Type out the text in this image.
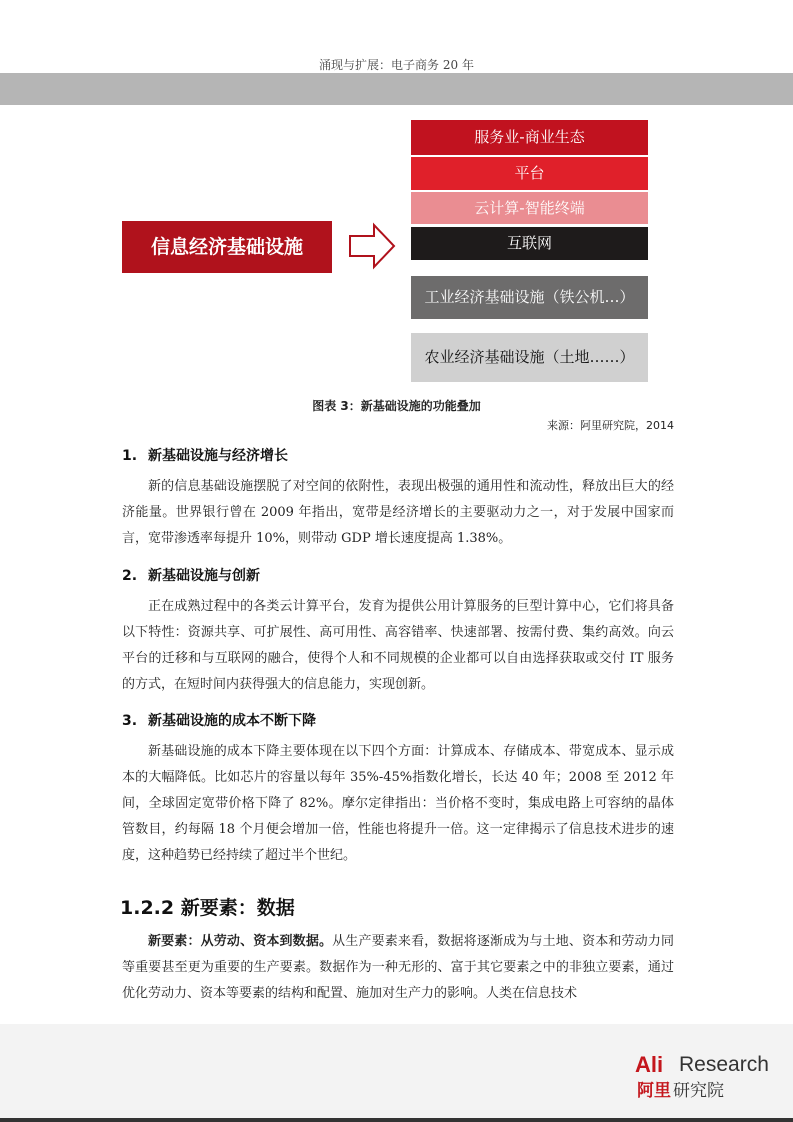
涌现与扩展：电子商务 20 年
信息经济基础设施
服务业-商业生态
平台
云计算-智能终端
互联网
工业经济基础设施（铁公机…）
农业经济基础设施（土地……）
图表 3：新基础设施的功能叠加
来源：阿里研究院，2014
1. 新基础设施与经济增长
新的信息基础设施摆脱了对空间的依附性，表现出极强的通用性和流动性，释放出巨大的经济能量。世界银行曾在 2009 年指出，宽带是经济增长的主要驱动力之一，对于发展中国家而言，宽带渗透率每提升 10%，则带动 GDP 增长速度提高 1.38%。
2. 新基础设施与创新
正在成熟过程中的各类云计算平台，发育为提供公用计算服务的巨型计算中心，它们将具备以下特性：资源共享、可扩展性、高可用性、高容错率、快速部署、按需付费、集约高效。向云平台的迁移和与互联网的融合，使得个人和不同规模的企业都可以自由选择获取或交付 IT 服务的方式，在短时间内获得强大的信息能力，实现创新。
3. 新基础设施的成本不断下降
新基础设施的成本下降主要体现在以下四个方面：计算成本、存储成本、带宽成本、显示成本的大幅降低。比如芯片的容量以每年 35%-45%指数化增长，长达 40 年；2008 至 2012 年间，全球固定宽带价格下降了 82%。摩尔定律指出：当价格不变时，集成电路上可容纳的晶体管数目，约每隔 18 个月便会增加一倍，性能也将提升一倍。这一定律揭示了信息技术进步的速度，这种趋势已经持续了超过半个世纪。
1.2.2 新要素：数据
新要素：从劳动、资本到数据。从生产要素来看，数据将逐渐成为与土地、资本和劳动力同等重要甚至更为重要的生产要素。数据作为一种无形的、富于其它要素之中的非独立要素，通过优化劳动力、资本等要素的结构和配置、施加对生产力的影响。人类在信息技术
Ali Research
阿里 研究院
